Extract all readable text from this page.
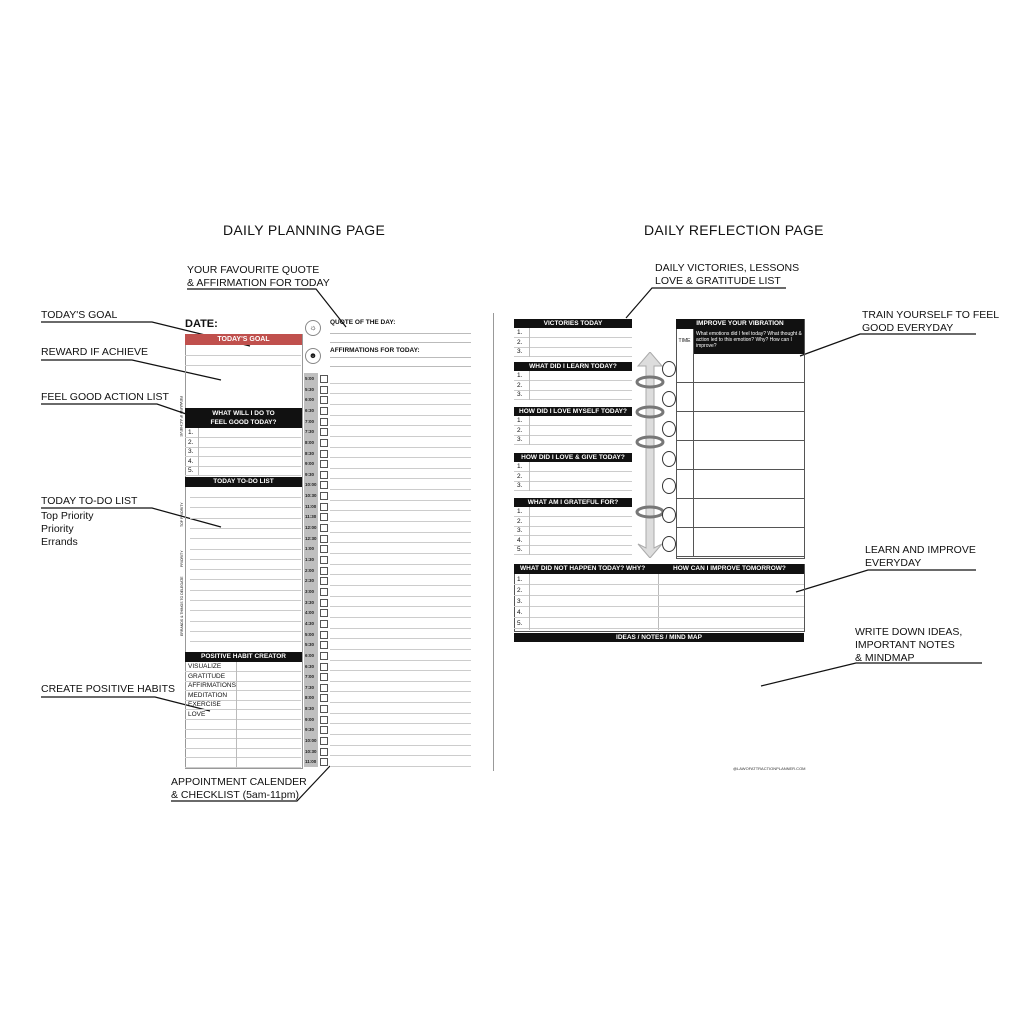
DAILY PLANNING PAGE	DAILY REFLECTION PAGE
YOUR FAVOURITE QUOTE
& AFFIRMATION FOR TODAY
TODAY'S GOAL
REWARD IF ACHIEVE
FEEL GOOD ACTION LIST
TODAY TO-DO LIST
Top Priority
Priority
Errands
CREATE POSITIVE HABITS
APPOINTMENT CALENDER
& CHECKLIST (5am-11pm)
DAILY VICTORIES, LESSONS
LOVE & GRATITUDE LIST
TRAIN YOURSELF TO FEEL
GOOD EVERYDAY
LEARN AND IMPROVE
EVERYDAY
WRITE DOWN IDEAS,
IMPORTANT NOTES
& MINDMAP
DATE:
TODAY'S GOAL
REWARD IF ACHIEVE	WHAT WILL I DO TO
FEEL GOOD TODAY?
1.
2.
3.
4.
5.
TODAY TO-DO LIST
TOP PRIORITY
PRIORITY
ERRANDS & THINGS TO DELEGATE
POSITIVE HABIT CREATOR
VISUALIZE
GRATITUDE
AFFIRMATIONS
MEDITATION
EXERCISE
LOVE
☼
☻
QUOTE OF THE DAY:
AFFIRMATIONS FOR TODAY:
5:00
5:30
6:00
6:30
7:00
7:30
8:00
8:30
9:00
9:30
10:00
10:30
11:00
11:30
12:00
12:30
1:00
1:30
2:00
2:30
3:00
3:30
4:00
4:30
5:00
5:30
6:00
6:30
7:00
7:30
8:00
8:30
9:00
9:30
10:00
10:30
11:00
VICTORIES TODAY
1.
2.
3.
WHAT DID I LEARN TODAY?
1.
2.
3.
HOW DID I LOVE MYSELF TODAY?
1.
2.
3.
HOW DID I LOVE & GIVE TODAY?
1.
2.
3.
WHAT AM I GRATEFUL FOR?
1.
2.
3.
4.
5.
IMPROVE YOUR VIBRATION
TIME
What emotions did I feel today? What thought & action led to this emotion? Why? How can I improve?
WHAT DID NOT HAPPEN TODAY? WHY?	HOW CAN I IMPROVE TOMORROW?
1.
2.
3.
4.
5.
IDEAS / NOTES / MIND MAP
@LAWOFATTRACTIONPLANNER.COM
